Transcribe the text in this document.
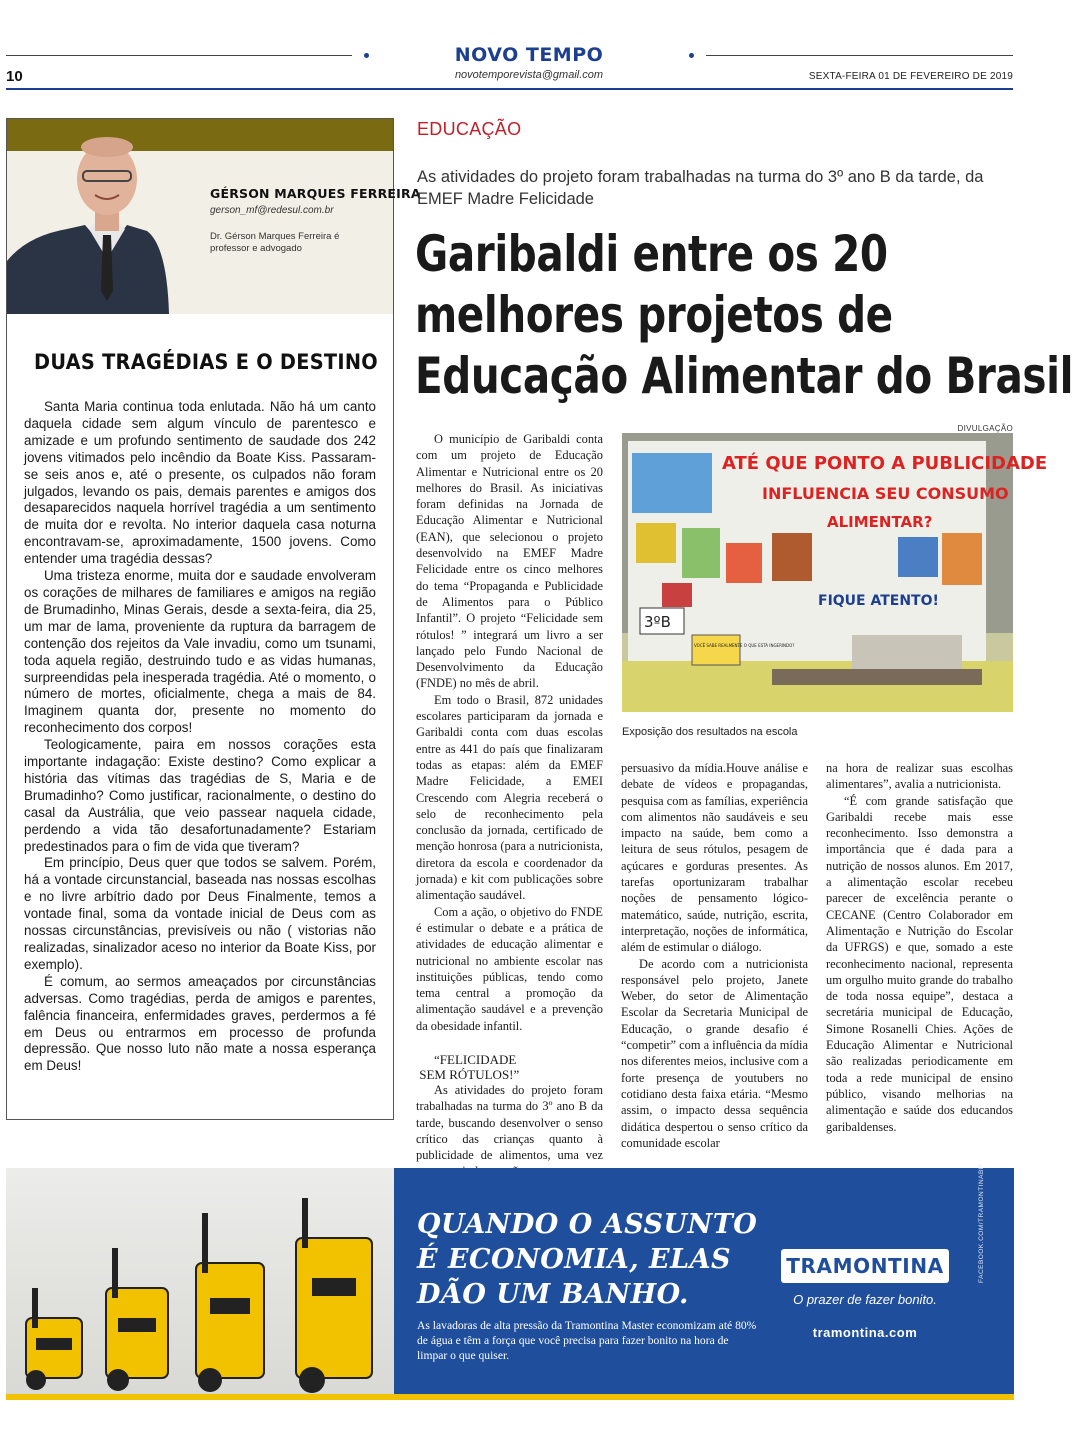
NOVO TEMPO
novotemporevista@gmail.com
10	SEXTA-FEIRA 01 DE FEVEREIRO DE 2019
GÉRSON MARQUES FERREIRA
gerson_mf@redesul.com.br
Dr. Gérson Marques Ferreira é professor e advogado
DUAS TRAGÉDIAS E O DESTINO

Santa Maria continua toda enlutada. Não há um canto daquela cidade sem algum vínculo de parentesco e amizade e um profundo sentimento de saudade dos 242 jovens vitimados pelo incêndio da Boate Kiss. Passaram-se seis anos e, até o presente, os culpados não foram julgados, levando os pais, demais parentes e amigos dos desaparecidos naquela horrível tragédia a um sentimento de muita dor e revolta. No interior daquela casa noturna encontravam-se, aproximadamente, 1500 jovens. Como entender uma tragédia dessas?

Uma tristeza enorme, muita dor e saudade envolveram os corações de milhares de familiares e amigos na região de Brumadinho, Minas Gerais, desde a sexta-feira, dia 25, um mar de lama, proveniente da ruptura da barragem de contenção dos rejeitos da Vale invadiu, como um tsunami, toda aquela região, destruindo tudo e as vidas humanas, surpreendidas pela inesperada tragédia. Até o momento, o número de mortes, oficialmente, chega a mais de 84. Imaginem quanta dor, presente no momento do reconhecimento dos corpos!

Teologicamente, paira em nossos corações esta importante indagação: Existe destino? Como explicar a história das vítimas das tragédias de S, Maria e de Brumadinho? Como justificar, racionalmente, o destino do casal da Austrália, que veio passear naquela cidade, perdendo a vida tão desafortunadamente? Estariam predestinados para o fim de vida que tiveram?

Em princípio, Deus quer que todos se salvem. Porém, há a vontade circunstancial, baseada nas nossas escolhas e no livre arbítrio dado por Deus Finalmente, temos a vontade final, soma da vontade inicial de Deus com as nossas circunstâncias, previsíveis ou não ( vistorias não realizadas, sinalizador aceso no interior da Boate Kiss, por exemplo).

É comum, ao sermos ameaçados por circunstâncias adversas. Como tragédias, perda de amigos e parentes, falência financeira, enfermidades graves, perdermos a fé em Deus ou entrarmos em processo de profunda depressão. Que nosso luto não mate a nossa esperança em Deus!

EDUCAÇÃO
As atividades do projeto foram trabalhadas na turma do 3º ano B da tarde, da EMEF Madre Felicidade
Garibaldi entre os 20
melhores projetos de
Educação Alimentar do Brasil
DIVULGAÇÃO

O município de Garibaldi conta com um projeto de Educação Alimentar e Nutricional entre os 20 melhores do Brasil. As iniciativas foram definidas na Jornada de Educação Alimentar e Nutricional (EAN), que selecionou o projeto desenvolvido na EMEF Madre Felicidade entre os cinco melhores do tema “Propaganda e Publicidade de Alimentos para o Público Infantil”. O projeto “Felicidade sem rótulos! ” integrará um livro a ser lançado pelo Fundo Nacional de Desenvolvimento da Educação (FNDE) no mês de abril.

Em todo o Brasil, 872 unidades escolares participaram da jornada e Garibaldi conta com duas escolas entre as 441 do país que finalizaram todas as etapas: além da EMEF Madre Felicidade, a EMEI Crescendo com Alegria receberá o selo de reconhecimento pela conclusão da jornada, certificado de menção honrosa (para a nutricionista, diretora da escola e coordenador da jornada) e kit com publicações sobre alimentação saudável.

Com a ação, o objetivo do FNDE é estimular o debate e a prática de atividades de educação alimentar e nutricional no ambiente escolar nas instituições públicas, tendo como tema central a promoção da alimentação saudável e a prevenção da obesidade infantil.

“FELICIDADE
SEM RÓTULOS!”

As atividades do projeto foram trabalhadas na turma do 3º ano B da tarde, buscando desenvolver o senso crítico das crianças quanto à publicidade de alimentos, uma vez

ATÉ QUE PONTO A PUBLICIDADE
INFLUENCIA SEU CONSUMO
ALIMENTAR?
FIQUE ATENTO!
3ºB
VOCÊ SABE REALMENTE O QUE ESTÁ INGERINDO?
Exposição dos resultados na escola

persuasivo da mídia.Houve análise e debate de vídeos e propagandas, pesquisa com as famílias, experiência com alimentos não saudáveis e seu impacto na saúde, bem como a leitura de seus rótulos, pesagem de açúcares e gorduras presentes. As tarefas oportunizaram trabalhar noções de pensamento lógico-matemático, saúde, nutrição, escrita, interpretação, noções de informática, além de estimular o diálogo.

De acordo com a nutricionista responsável pelo projeto, Janete Weber, do setor de Alimentação Escolar da Secretaria Municipal de Educação, o grande desafio é “competir” com a influência da mídia nos diferentes meios, inclusive com a forte presença de youtubers no cotidiano desta faixa etária. “Mesmo assim, o impacto dessa sequência didática despertou o senso crítico da comunidade escolar

na hora de realizar suas escolhas alimentares”, avalia a nutricionista.

“É com grande satisfação que Garibaldi recebe mais esse reconhecimento. Isso demonstra a importância que é dada para a nutrição de nossos alunos. Em 2017, a alimentação escolar recebeu parecer de excelência perante o CECANE (Centro Colaborador em Alimentação e Nutrição do Escolar da UFRGS) e que, somado a este reconhecimento nacional, representa um orgulho muito grande do trabalho de toda nossa equipe”, destaca a secretária municipal de Educação, Simone Rosanelli Chies. Ações de Educação Alimentar e Nutricional são realizadas periodicamente em toda a rede municipal de ensino público, visando melhorias na alimentação e saúde dos educandos garibaldenses.

QUANDO O ASSUNTO
É ECONOMIA, ELAS
DÃO UM BANHO.
As lavadoras de alta pressão da Tramontina Master economizam até 80% de água e têm a força que você precisa para fazer bonito na hora de limpar o que quiser.
TRAMONTINA
O prazer de fazer bonito.
tramontina.com
FACEBOOK.COM/TRAMONTINABR
